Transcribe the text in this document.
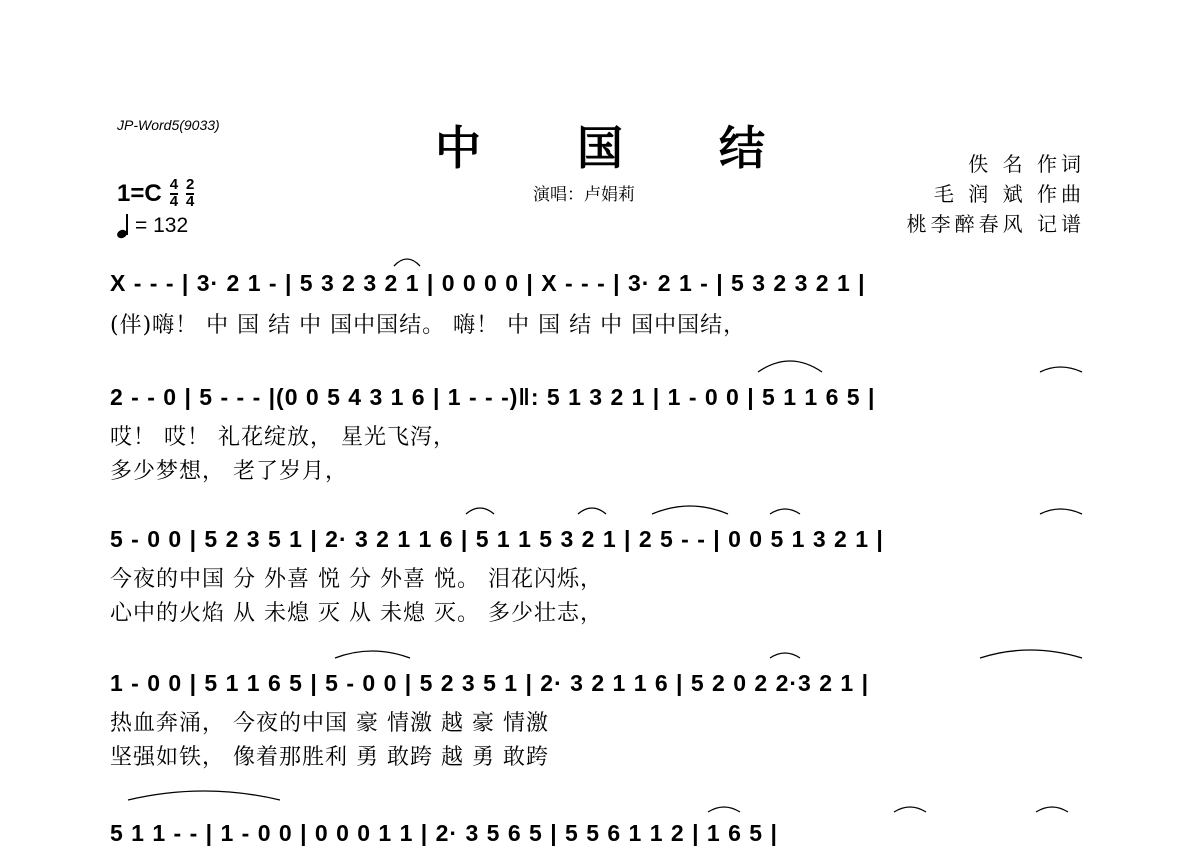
JP-Word5(9033)	中 国 结
演唱：卢娟莉
佚 名 作词
毛 润 斌 作曲
桃李醉春风 记谱
$1=C \frac{4}{4} \frac{2}{4}$
= 132
X - - - | 3· 2 1 - | 5 3 2 3 2 1 | 0 0 0 0 | X - - - | 3· 2 1 - | 5 3 2 3 2 1 |
(伴)嗨！ 中 国 结 中 国中国结。 嗨！ 中 国 结 中 国中国结，
2 - - 0 | 5 - - - |(0 0 5 4 3 1 6 | 1 - - -)‖: 5 1 3 2 1 | 1 - 0 0 | 5 1 1 6 5 |
哎！ 哎！ 礼花绽放， 星光飞泻，
多少梦想， 老了岁月，
5 - 0 0 | 5 2 3 5 1 | 2· 3 2 1 1 6 | 5 1 1 5 3 2 1 | 2 5 - - | 0 0 5 1 3 2 1 |
今夜的中国 分 外喜 悦 分 外喜 悦。 泪花闪烁，
心中的火焰 从 未熄 灭 从 未熄 灭。 多少壮志，
1 - 0 0 | 5 1 1 6 5 | 5 - 0 0 | 5 2 3 5 1 | 2· 3 2 1 1 6 | 5 2 0 2 2·3 2 1 |
热血奔涌， 今夜的中国 豪 情激 越 豪 情激
坚强如铁， 像着那胜利 勇 敢跨 越 勇 敢跨
5 1 1 - - | 1 - 0 0 | 0 0 0 1 1 | 2· 3 5 6 5 | 5 5 6 1 1 2 | 1 6 5 |
